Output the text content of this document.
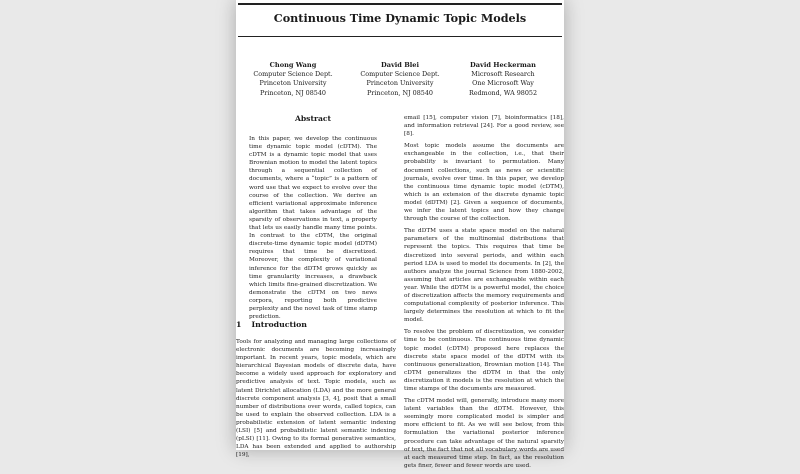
Continuous Time Dynamic Topic Models
Chong Wang
Computer Science Dept.
Princeton University
Princeton, NJ 08540
David Blei
Computer Science Dept.
Princeton University
Princeton, NJ 08540
David Heckerman
Microsoft Research
One Microsoft Way
Redmond, WA 98052
Abstract
In this paper, we develop the continuous time dynamic topic model (cDTM). The cDTM is a dynamic topic model that uses Brownian motion to model the latent topics through a sequential collection of documents, where a “topic” is a pattern of word use that we expect to evolve over the course of the collection. We derive an efficient variational approximate inference algorithm that takes advantage of the sparsity of observations in text, a property that lets us easily handle many time points. In contrast to the cDTM, the original discrete-time dynamic topic model (dDTM) requires that time be discretized. Moreover, the complexity of variational inference for the dDTM grows quickly as time granularity increases, a drawback which limits fine-grained discretization. We demonstrate the cDTM on two news corpora, reporting both predictive perplexity and the novel task of time stamp prediction.
1 Introduction

Tools for analyzing and managing large collections of electronic documents are becoming increasingly important. In recent years, topic models, which are hierarchical Bayesian models of discrete data, have become a widely used approach for exploratory and predictive analysis of text. Topic models, such as latent Dirichlet allocation (LDA) and the more general discrete component analysis [3, 4], posit that a small number of distributions over words, called topics, can be used to explain the observed collection. LDA is a probabilistic extension of latent semantic indexing (LSI) [5] and probabilistic latent semantic indexing (pLSI) [11]. Owing to its formal generative semantics, LDA has been extended and applied to authorship [19],

email [15], computer vision [7], bioinformatics [18], and information retrieval [24]. For a good review, see [8].

Most topic models assume the documents are exchangeable in the collection, i.e., that their probability is invariant to permutation. Many document collections, such as news or scientific journals, evolve over time. In this paper, we develop the continuous time dynamic topic model (cDTM), which is an extension of the discrete dynamic topic model (dDTM) [2]. Given a sequence of documents, we infer the latent topics and how they change through the course of the collection.

The dDTM uses a state space model on the natural parameters of the multinomial distributions that represent the topics. This requires that time be discretized into several periods, and within each period LDA is used to model its documents. In [2], the authors analyze the journal Science from 1880-2002, assuming that articles are exchangeable within each year. While the dDTM is a powerful model, the choice of discretization affects the memory requirements and computational complexity of posterior inference. This largely determines the resolution at which to fit the model.

To resolve the problem of discretization, we consider time to be continuous. The continuous time dynamic topic model (cDTM) proposed here replaces the discrete state space model of the dDTM with its continuous generalization, Brownian motion [14]. The cDTM generalizes the dDTM in that the only discretization it models is the resolution at which the time stamps of the documents are measured.

The cDTM model will, generally, introduce many more latent variables than the dDTM. However, this seemingly more complicated model is simpler and more efficient to fit. As we will see below, from this formulation the variational posterior inference procedure can take advantage of the natural sparsity of text, the fact that not all vocabulary words are used at each measured time step. In fact, as the resolution gets finer, fewer and fewer words are used.
